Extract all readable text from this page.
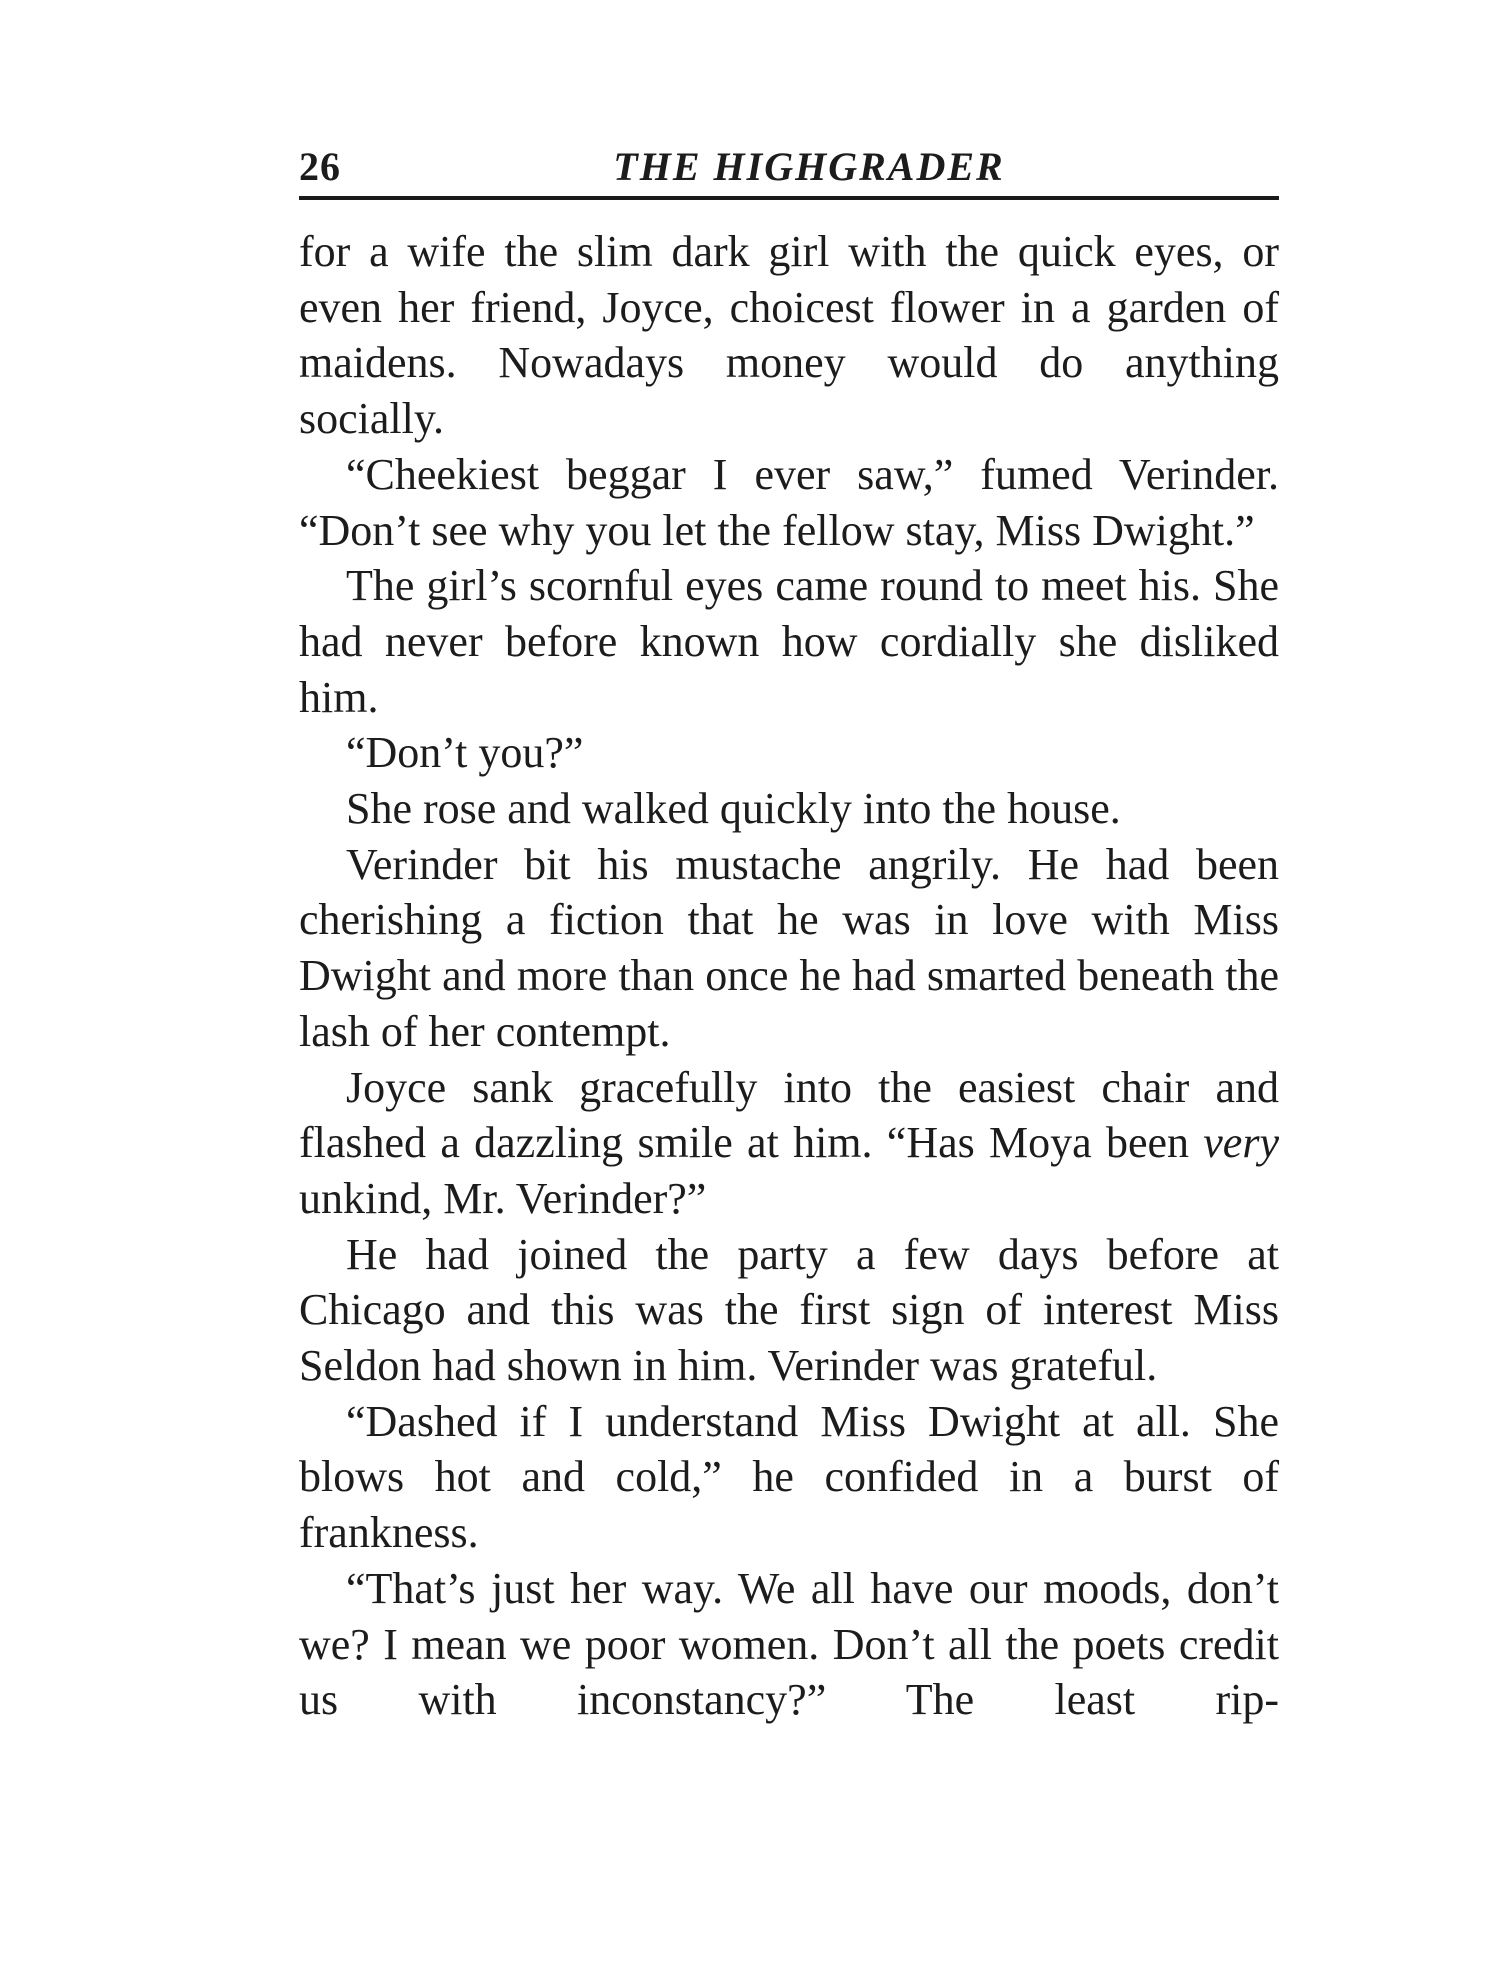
26	THE HIGHGRADER

for a wife the slim dark girl with the quick eyes, or even her friend, Joyce, choicest flower in a garden of maidens. Nowadays money would do anything socially.

“Cheekiest beggar I ever saw,” fumed Verinder. “Don’t see why you let the fellow stay, Miss Dwight.”

The girl’s scornful eyes came round to meet his. She had never before known how cordially she disliked him.

“Don’t you?”

She rose and walked quickly into the house.

Verinder bit his mustache angrily. He had been cherishing a fiction that he was in love with Miss Dwight and more than once he had smarted beneath the lash of her contempt.

Joyce sank gracefully into the easiest chair and flashed a dazzling smile at him. “Has Moya been very unkind, Mr. Verinder?”

He had joined the party a few days before at Chicago and this was the first sign of interest Miss Seldon had shown in him. Verinder was grateful.

“Dashed if I understand Miss Dwight at all. She blows hot and cold,” he confided in a burst of frankness.

“That’s just her way. We all have our moods, don’t we? I mean we poor women. Don’t all the poets credit us with inconstancy?” The least rip-
